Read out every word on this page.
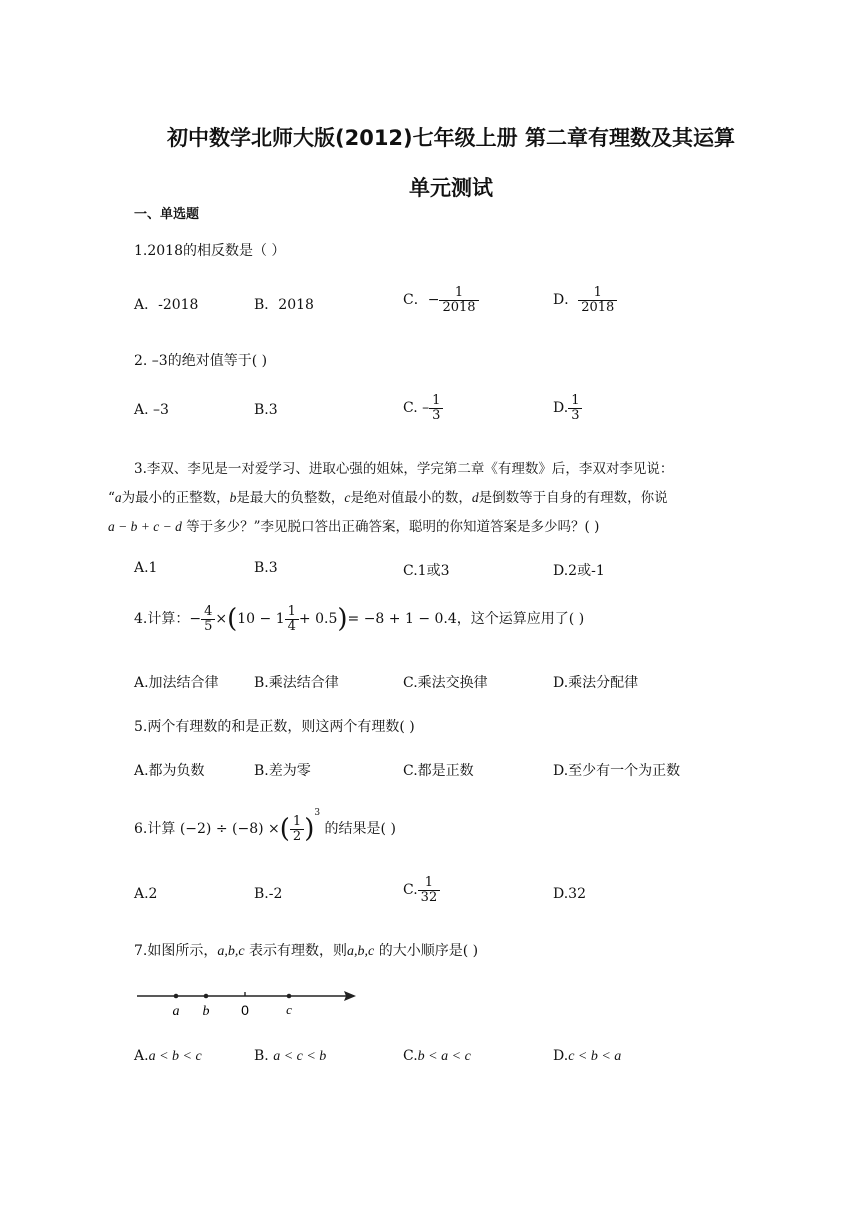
初中数学北师大版(2012)七年级上册 第二章有理数及其运算
单元测试
一、单选题
1.2018的相反数是（ ）
A．-2018	B．2018	C．− $\frac{1}{2018}$	D． $\frac{1}{2018}$
2. –3的绝对值等于( )
A. –3	B.3	C. – $\frac{1}{3}$	D. $\frac{1}{3}$
3.李双、李见是一对爱学习、进取心强的姐妹，学完第二章《有理数》后，李双对李见说：
“a为最小的正整数，b是最大的负整数，c是绝对值最小的数，d是倒数等于自身的有理数，你说
a − b + c − d 等于多少？”李见脱口答出正确答案，聪明的你知道答案是多少吗？( )
A.1	B.3	C.1或3	D.2或-1
4.计算：− $\frac{4}{5} \times(10 - 1 \frac{1}{4} + 0.5)= -8 + 1 - 0.4$，这个运算应用了( )
A.加法结合律	B.乘法结合律	C.乘法交换律	D.乘法分配律
5.两个有理数的和是正数，则这两个有理数( )
A.都为负数	B.差为零	C.都是正数	D.至少有一个为正数
6.计算 (−2) ÷ (−8) ×( $\frac{1}{2} )^3$ 的结果是( )
A.2	B.-2	C. $\frac{1}{32}$	D.32
7.如图所示，a,b,c 表示有理数，则a,b,c 的大小顺序是( )
a b 0	c
A.a < b < c	B. a < c < b	C.b < a < c	D.c < b < a
